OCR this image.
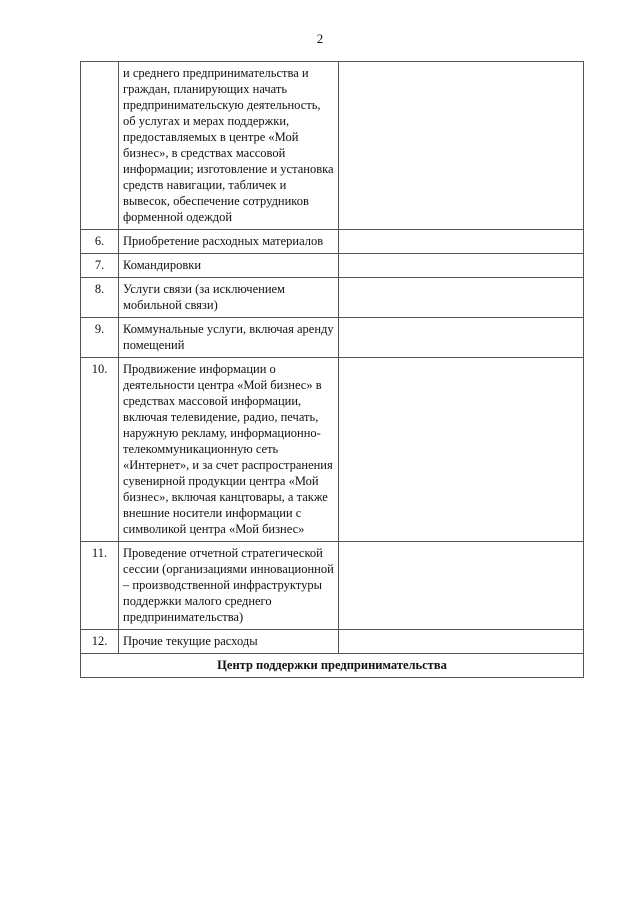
2
	и среднего предпринимательства и граждан, планирующих начать предпринимательскую деятельность, об услугах и мерах поддержки, предоставляемых в центре «Мой бизнес», в средствах массовой информации; изготовление и установка средств навигации, табличек и вывесок, обеспечение сотрудников форменной одеждой	
6.	Приобретение расходных материалов	
7.	Командировки	
8.	Услуги связи (за исключением мобильной связи)	
9.	Коммунальные услуги, включая аренду помещений	
10.	Продвижение информации о деятельности центра «Мой бизнес» в средствах массовой информации, включая телевидение, радио, печать, наружную рекламу, информационно-телекоммуникационную сеть «Интернет», и за счет распространения сувенирной продукции центра «Мой бизнес», включая канцтовары, а также внешние носители информации с символикой центра «Мой бизнес»	
11.	Проведение отчетной стратегической сессии (организациями инновационной – производственной инфраструктуры поддержки малого среднего предпринимательства)	
12.	Прочие текущие расходы	
Центр поддержки предпринимательства		
